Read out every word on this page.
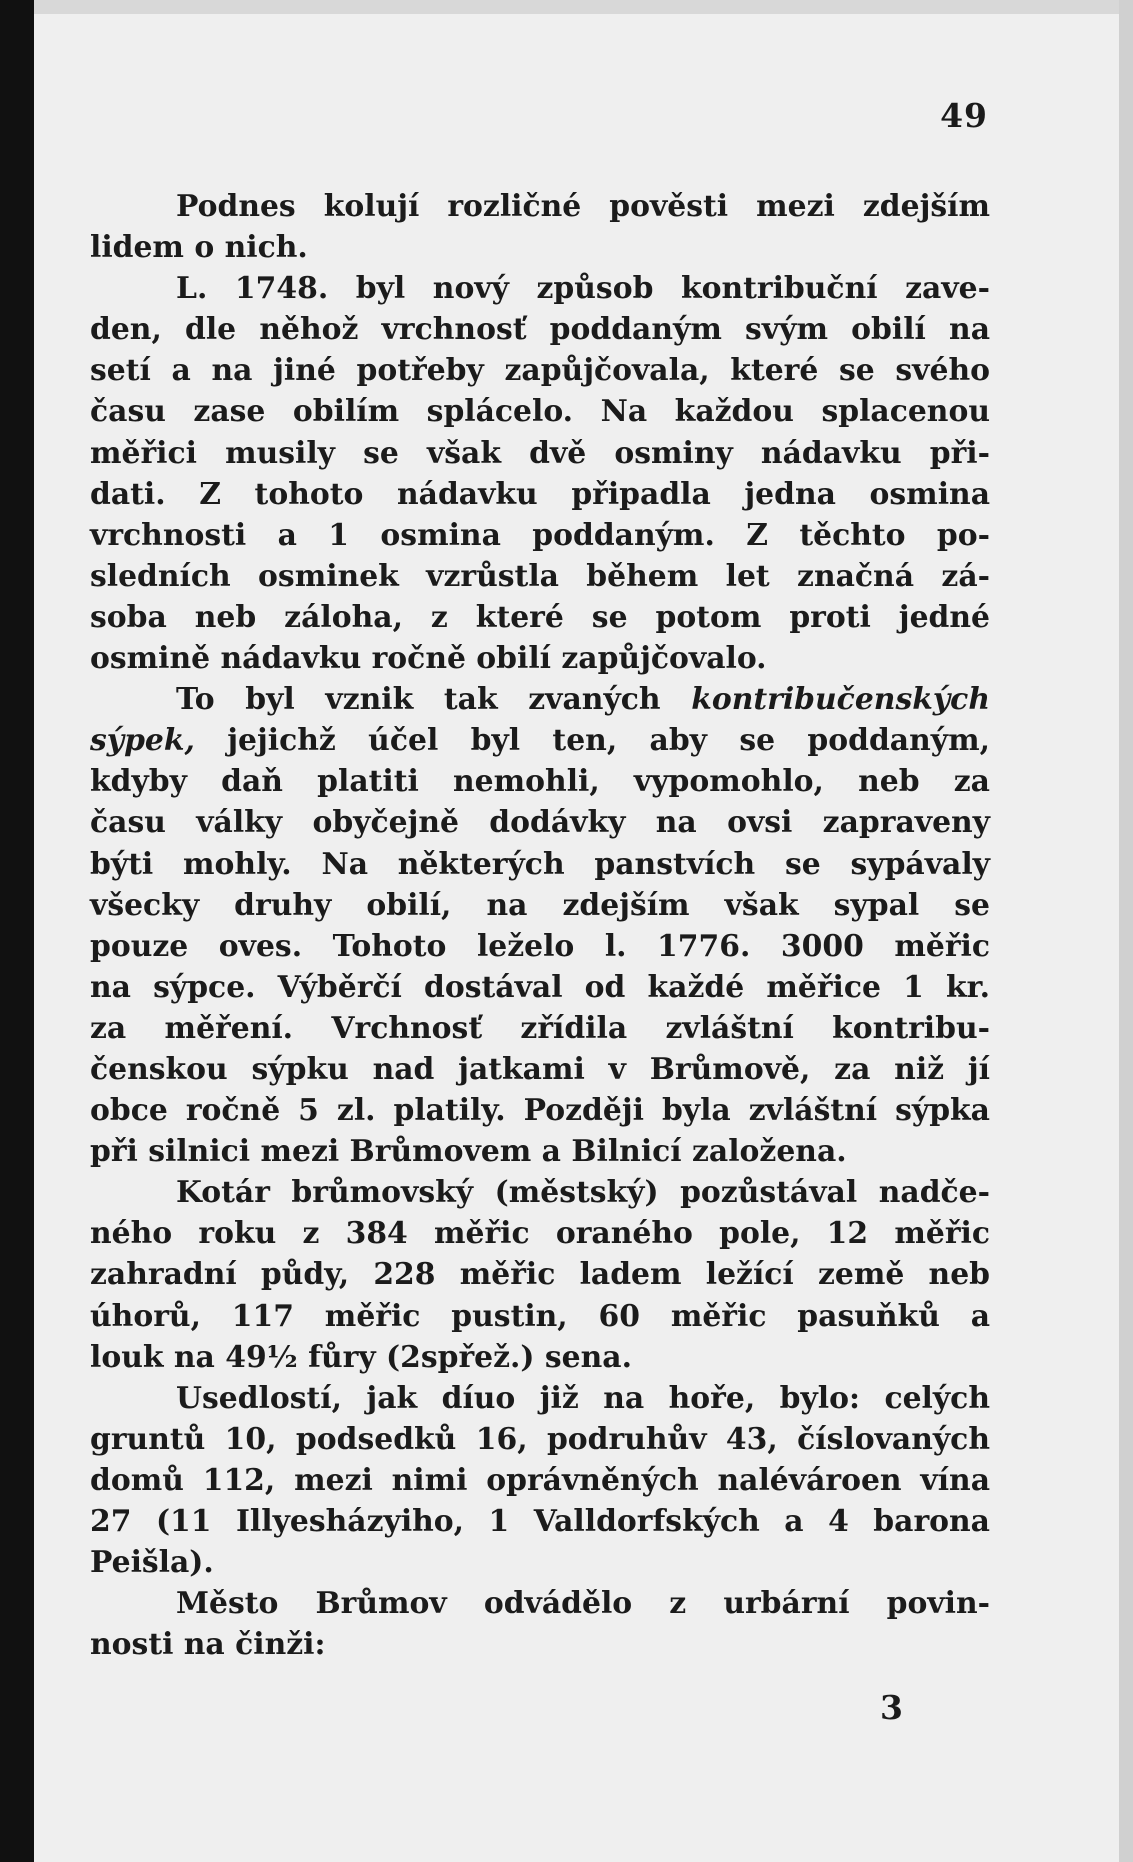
49
Podnes kolují rozličné pověsti mezi zdejším
lidem o nich.
L. 1748. byl nový způsob kontribuční zave-
den, dle něhož vrchnosť poddaným svým obilí na
setí a na jiné potřeby zapůjčovala, které se svého
času zase obilím splácelo. Na každou splacenou
měřici musily se však dvě osminy nádavku při-
dati. Z tohoto nádavku připadla jedna osmina
vrchnosti a 1 osmina poddaným. Z těchto po-
sledních osminek vzrůstla během let značná zá-
soba neb záloha, z které se potom proti jedné
osmině nádavku ročně obilí zapůjčovalo.
To byl vznik tak zvaných kontribučenských
sýpek, jejichž účel byl ten, aby se poddaným,
kdyby daň platiti nemohli, vypomohlo, neb za
času války obyčejně dodávky na ovsi zapraveny
býti mohly. Na některých panstvích se sypávaly
všecky druhy obilí, na zdejším však sypal se
pouze oves. Tohoto leželo l. 1776. 3000 měřic
na sýpce. Výběrčí dostával od každé měřice 1 kr.
za měření. Vrchnosť zřídila zvláštní kontribu-
čenskou sýpku nad jatkami v Brůmově, za niž jí
obce ročně 5 zl. platily. Později byla zvláštní sýpka
při silnici mezi Brůmovem a Bilnicí založena.
Kotár brůmovský (městský) pozůstával nadče-
ného roku z 384 měřic oraného pole, 12 měřic
zahradní půdy, 228 měřic ladem ležící země neb
úhorů, 117 měřic pustin, 60 měřic pasuňků a
louk na 49½ fůry (2spřež.) sena.
Usedlostí, jak díuo již na hoře, bylo: celých
gruntů 10, podsedků 16, podruhův 43, číslovaných
domů 112, mezi nimi oprávněných nalévároen vína
27 (11 Illyesházyiho, 1 Valldorfských a 4 barona
Peišla).
Město Brůmov odvádělo z urbární povin-
nosti na činži:
3
